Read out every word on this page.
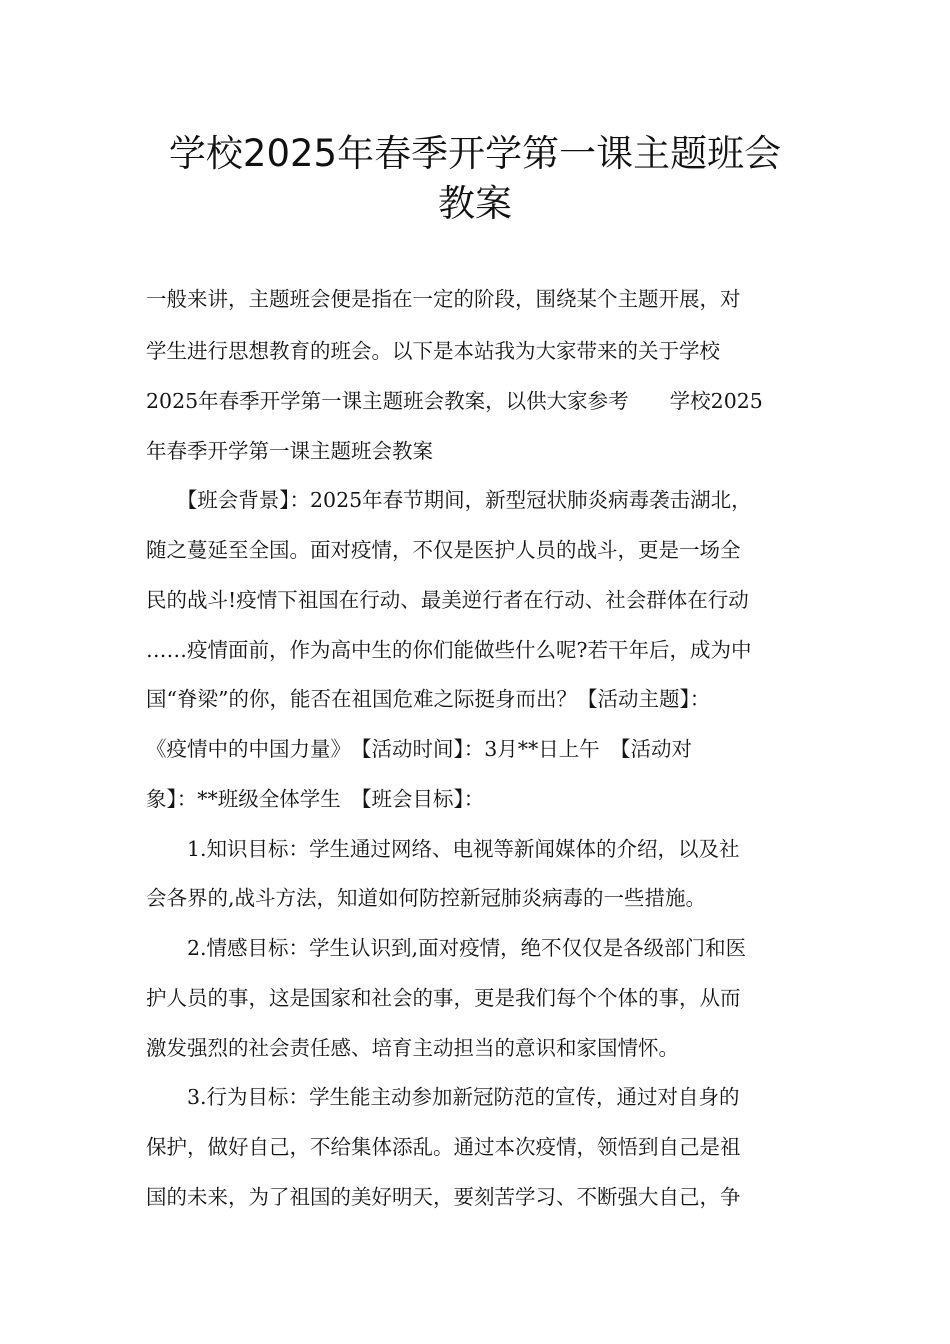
学校2025年春季开学第一课主题班会
教案
一般来讲，主题班会便是指在一定的阶段，围绕某个主题开展，对
学生进行思想教育的班会。以下是本站我为大家带来的关于学校
2025年春季开学第一课主题班会教案，以供大家参考　　学校2025
年春季开学第一课主题班会教案
　　【班会背景】：2025年春节期间，新型冠状肺炎病毒袭击湖北，
随之蔓延至全国。面对疫情，不仅是医护人员的战斗，更是一场全
民的战斗!疫情下祖国在行动、最美逆行者在行动、社会群体在行动
……疫情面前，作为高中生的你们能做些什么呢?若干年后，成为中
国“脊梁”的你，能否在祖国危难之际挺身而出？【活动主题】：
《疫情中的中国力量》　【活动时间】：3月**日上午　【活动对
象】：**班级全体学生　【班会目标】：
　　1.知识目标：学生通过网络、电视等新闻媒体的介绍，以及社
会各界的,战斗方法，知道如何防控新冠肺炎病毒的一些措施。
　　2.情感目标：学生认识到,面对疫情，绝不仅仅是各级部门和医
护人员的事，这是国家和社会的事，更是我们每个个体的事，从而
激发强烈的社会责任感、培育主动担当的意识和家国情怀。
　　3.行为目标：学生能主动参加新冠防范的宣传，通过对自身的
保护，做好自己，不给集体添乱。通过本次疫情，领悟到自己是祖
国的未来，为了祖国的美好明天，要刻苦学习、不断强大自己，争
